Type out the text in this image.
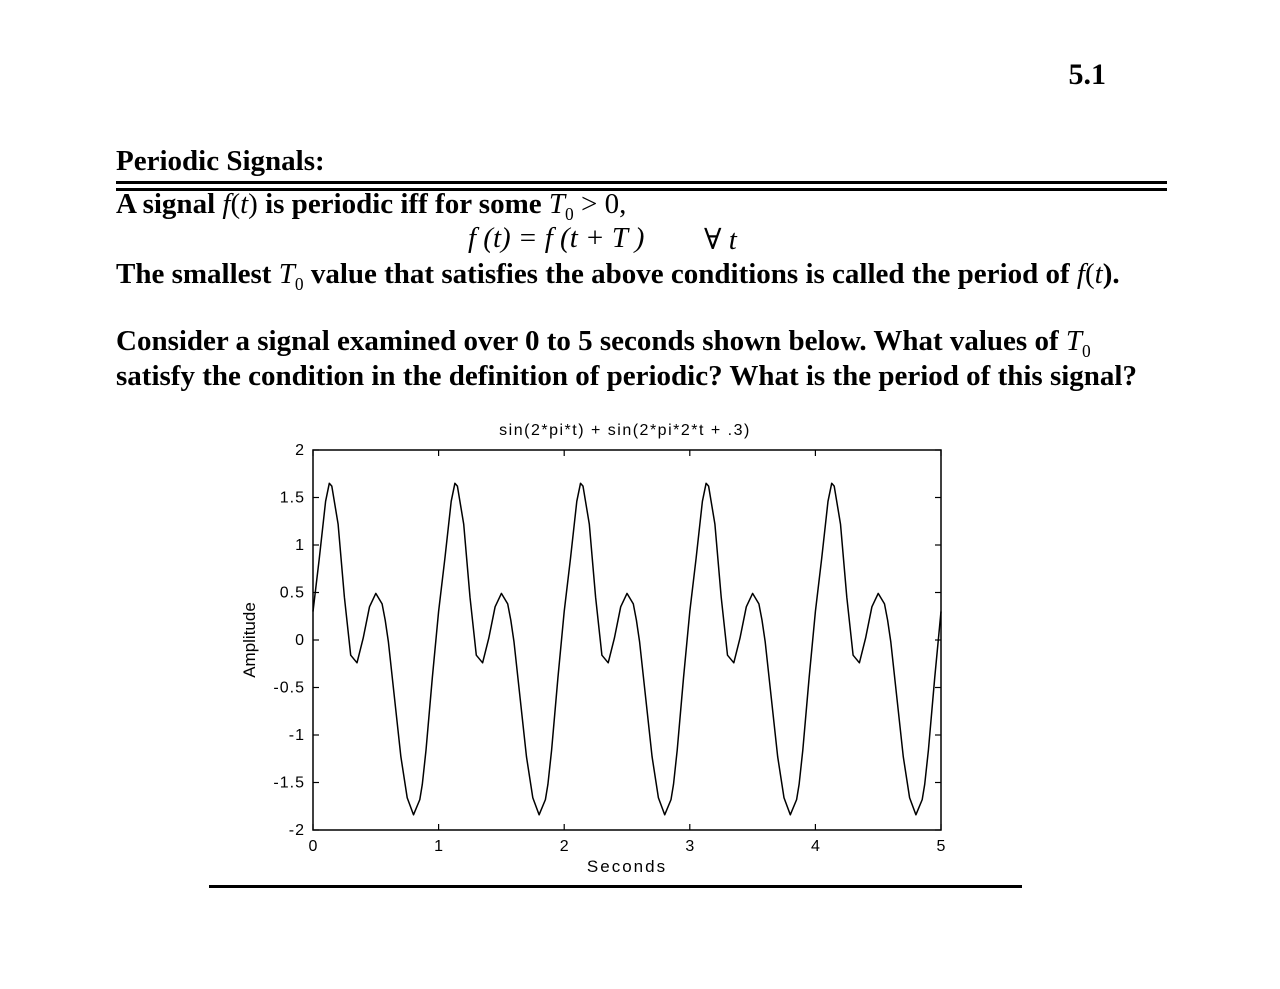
5.1
Periodic Signals:
A signal f(t) is periodic iff for some $T_0 > 0$,
f (t) = f (t + T ) ∀ t
The smallest $T_0$ value that satisfies the above conditions is called the period of f(t).
Consider a signal examined over 0 to 5 seconds shown below. What values of $T_0$
satisfy the condition in the definition of periodic? What is the period of this signal?
sin(2*pi*t) + sin(2*pi*2*t + .3)
0	1	2	3	4	5
2
1.5
1
0.5
0
-0.5
-1
-1.5
-2
Seconds
Amplitude
